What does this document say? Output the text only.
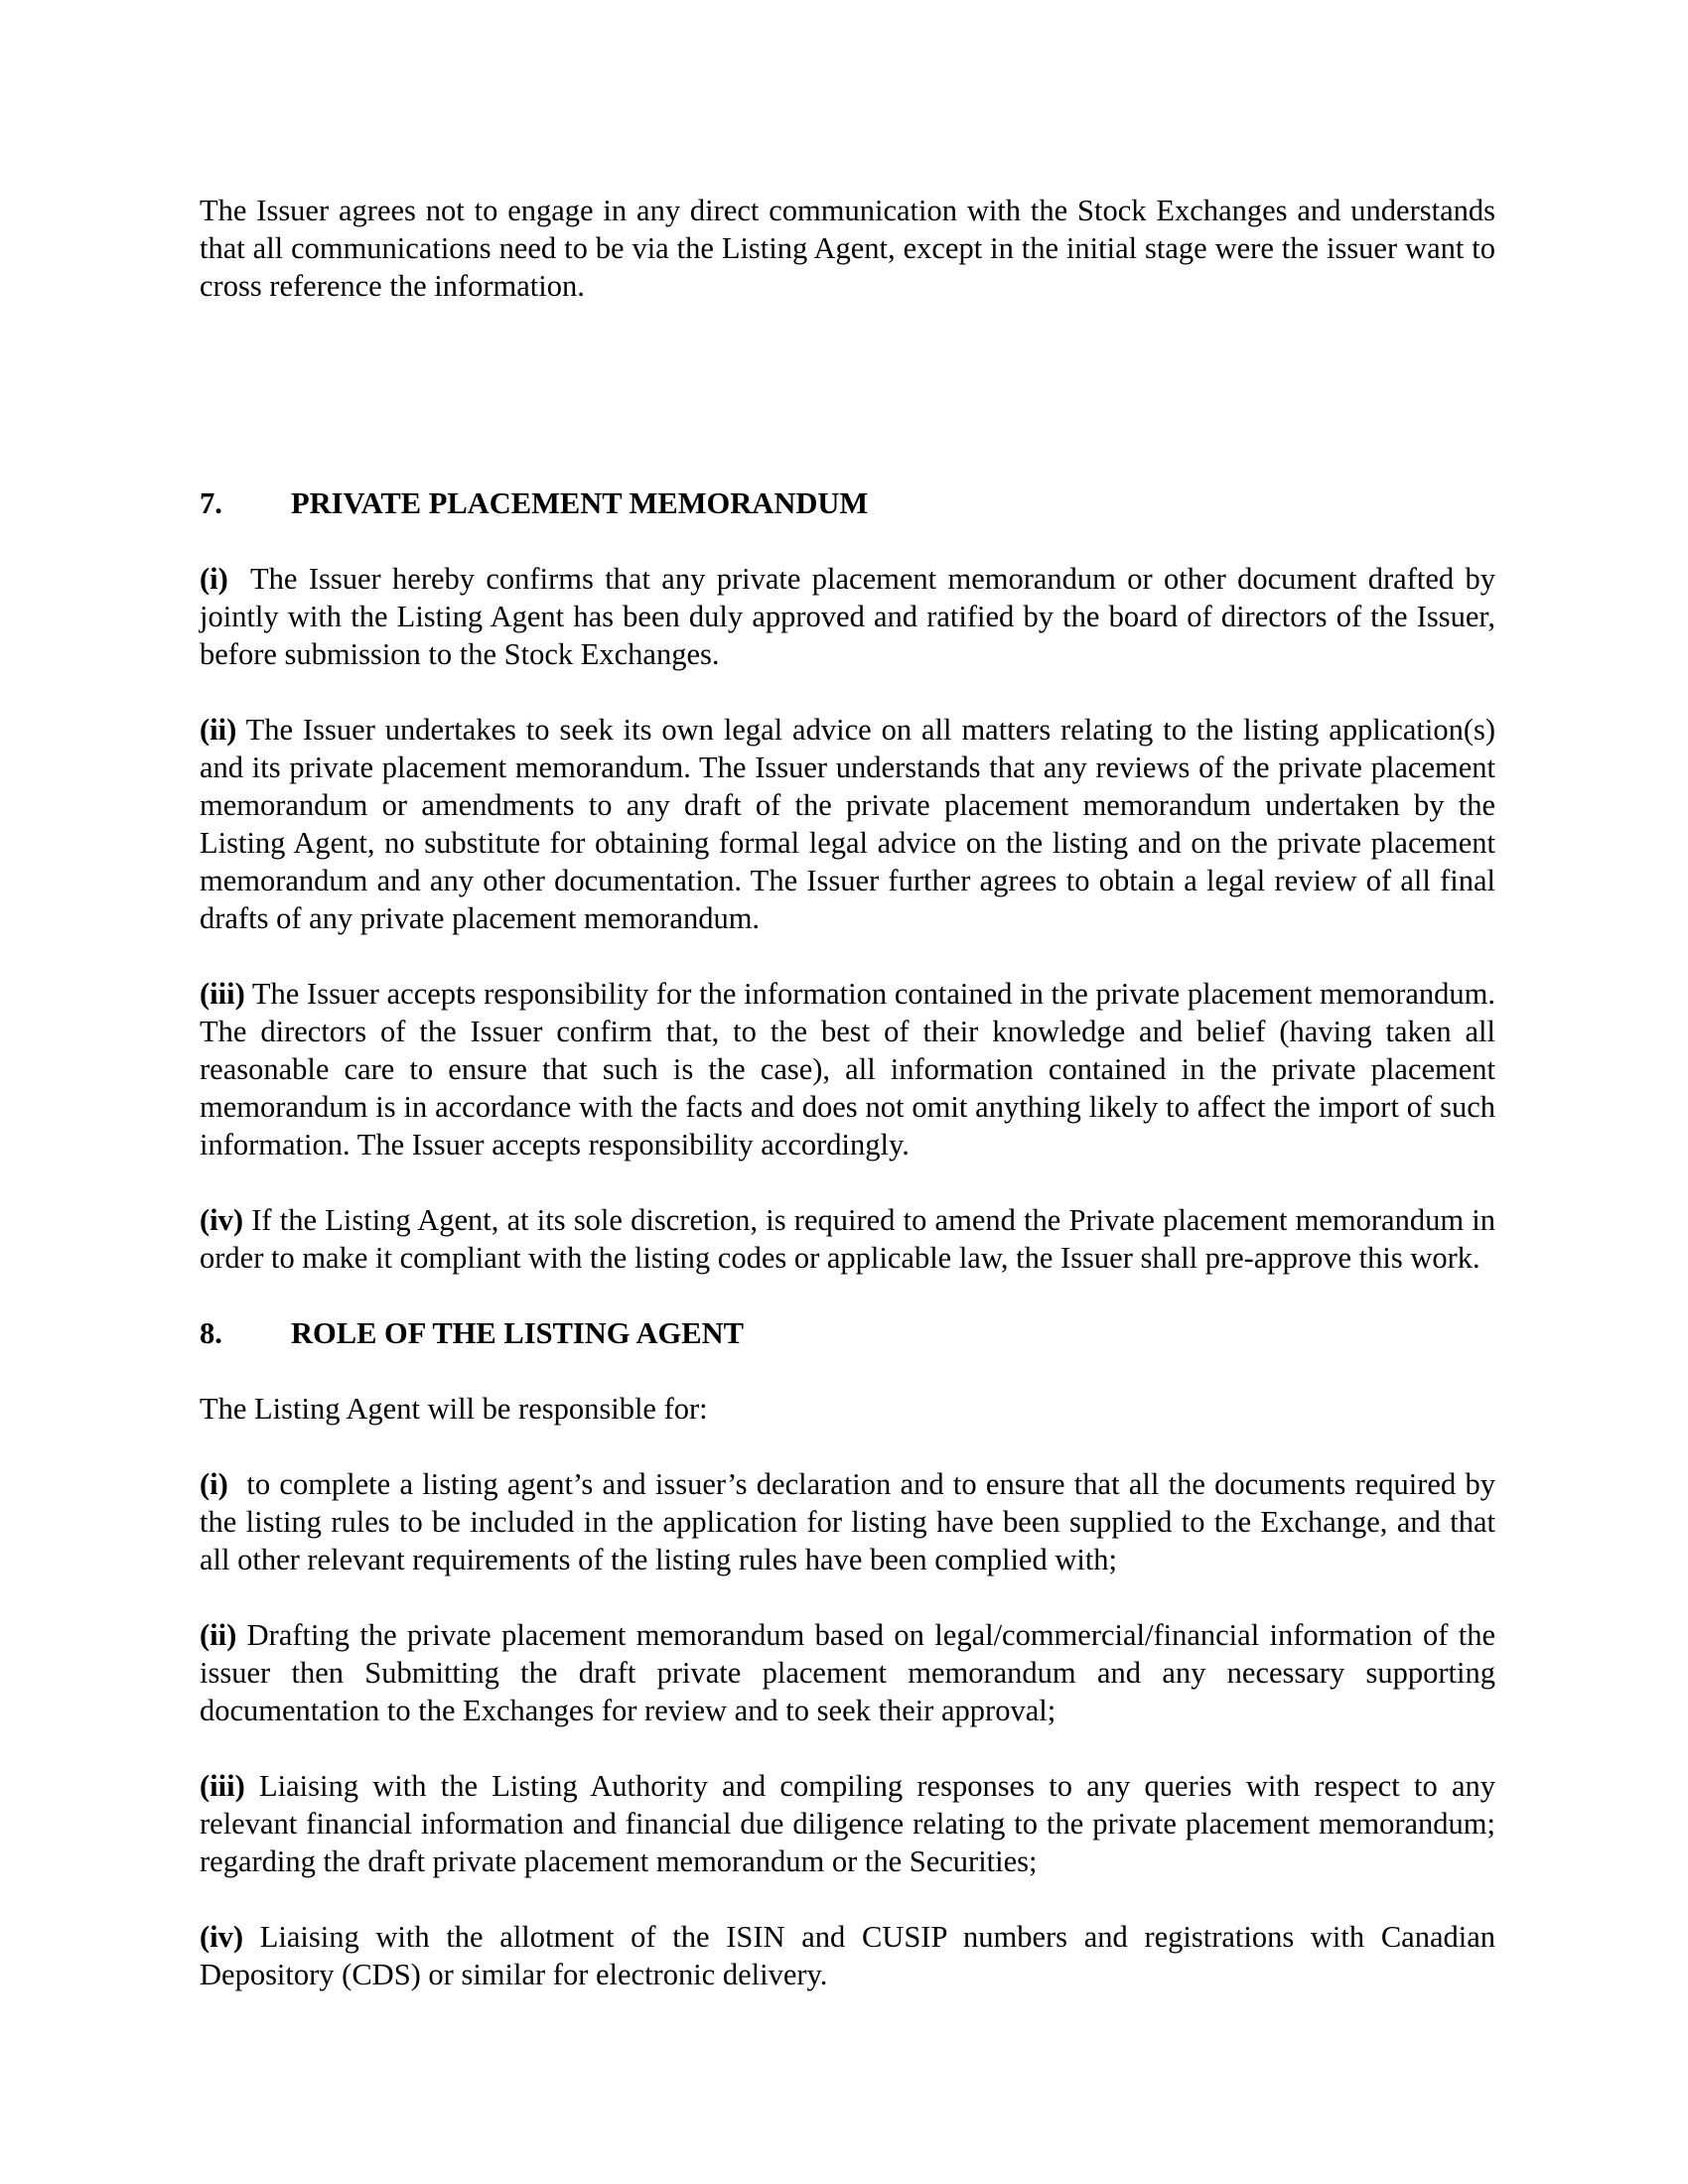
The Issuer agrees not to engage in any direct communication with the Stock Exchanges and understands that all communications need to be via the Listing Agent, except in the initial stage were the issuer want to cross reference the information.

7.	PRIVATE PLACEMENT MEMORANDUM

(i) The Issuer hereby confirms that any private placement memorandum or other document drafted by jointly with the Listing Agent has been duly approved and ratified by the board of directors of the Issuer, before submission to the Stock Exchanges.

(ii) The Issuer undertakes to seek its own legal advice on all matters relating to the listing application(s) and its private placement memorandum. The Issuer understands that any reviews of the private placement memorandum or amendments to any draft of the private placement memorandum undertaken by the Listing Agent, no substitute for obtaining formal legal advice on the listing and on the private placement memorandum and any other documentation. The Issuer further agrees to obtain a legal review of all final drafts of any private placement memorandum.

(iii) The Issuer accepts responsibility for the information contained in the private placement memorandum. The directors of the Issuer confirm that, to the best of their knowledge and belief (having taken all reasonable care to ensure that such is the case), all information contained in the private placement memorandum is in accordance with the facts and does not omit anything likely to affect the import of such information. The Issuer accepts responsibility accordingly.

(iv) If the Listing Agent, at its sole discretion, is required to amend the Private placement memorandum in order to make it compliant with the listing codes or applicable law, the Issuer shall pre-approve this work.

8.	ROLE OF THE LISTING AGENT

The Listing Agent will be responsible for:

(i) to complete a listing agent’s and issuer’s declaration and to ensure that all the documents required by the listing rules to be included in the application for listing have been supplied to the Exchange, and that all other relevant requirements of the listing rules have been complied with;

(ii) Drafting the private placement memorandum based on legal/commercial/financial information of the issuer then Submitting the draft private placement memorandum and any necessary supporting documentation to the Exchanges for review and to seek their approval;

(iii) Liaising with the Listing Authority and compiling responses to any queries with respect to any relevant financial information and financial due diligence relating to the private placement memorandum; regarding the draft private placement memorandum or the Securities;

(iv) Liaising with the allotment of the ISIN and CUSIP numbers and registrations with Canadian Depository (CDS) or similar for electronic delivery.
